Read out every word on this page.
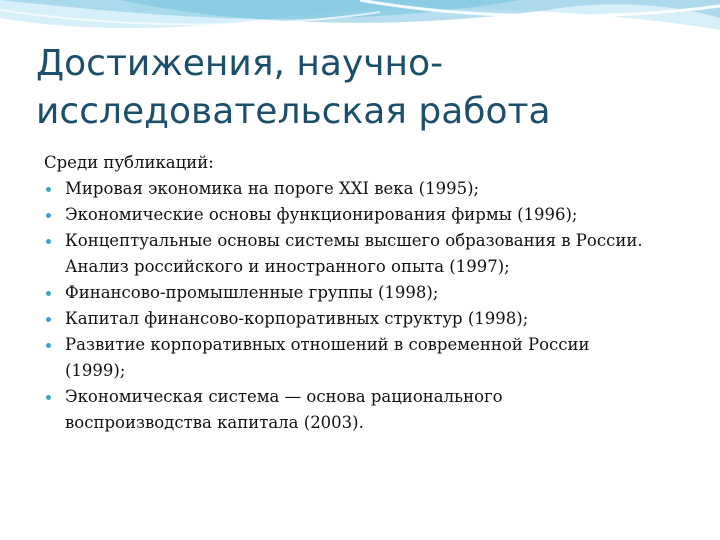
Достижения, научно-
исследовательская работа
Среди публикаций:
Мировая экономика на пороге XXI века (1995);
Экономические основы функционирования фирмы (1996);
Концептуальные основы системы высшего образования в России.
Анализ российского и иностранного опыта (1997);
Финансово-промышленные группы (1998);
Капитал финансово-корпоративных структур (1998);
Развитие корпоративных отношений в современной России
(1999);
Экономическая система — основа рационального
воспроизводства капитала (2003).
